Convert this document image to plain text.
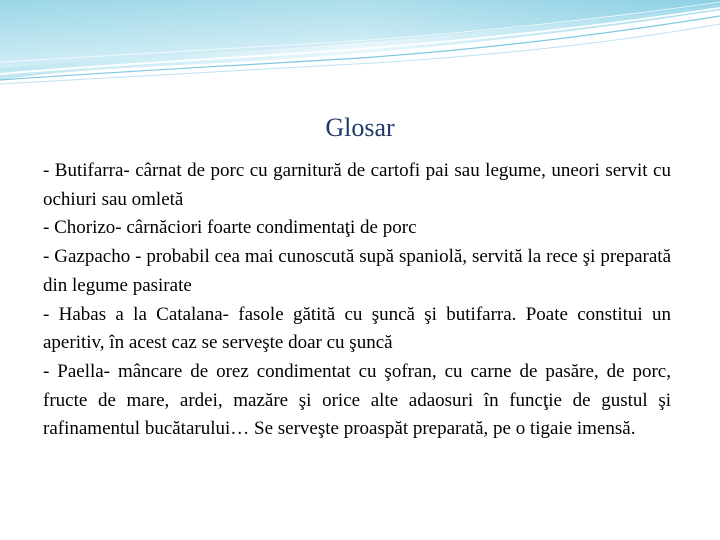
Glosar

- Butifarra- cârnat de porc cu garnitură de cartofi pai sau legume, uneori servit cu ochiuri sau omletă

- Chorizo- cârnăciori foarte condimentaţi de porc

- Gazpacho - probabil cea mai cunoscută supă spaniolă, servită la rece şi preparată din legume pasirate

- Habas a la Catalana- fasole gătită cu şuncă şi butifarra. Poate constitui un aperitiv, în acest caz se serveşte doar cu şuncă

- Paella- mâncare de orez condimentat cu şofran, cu carne de pasăre, de porc, fructe de mare, ardei, mazăre şi orice alte adaosuri în funcţie de gustul şi rafinamentul bucătarului… Se serveşte proaspăt preparată, pe o tigaie imensă.
